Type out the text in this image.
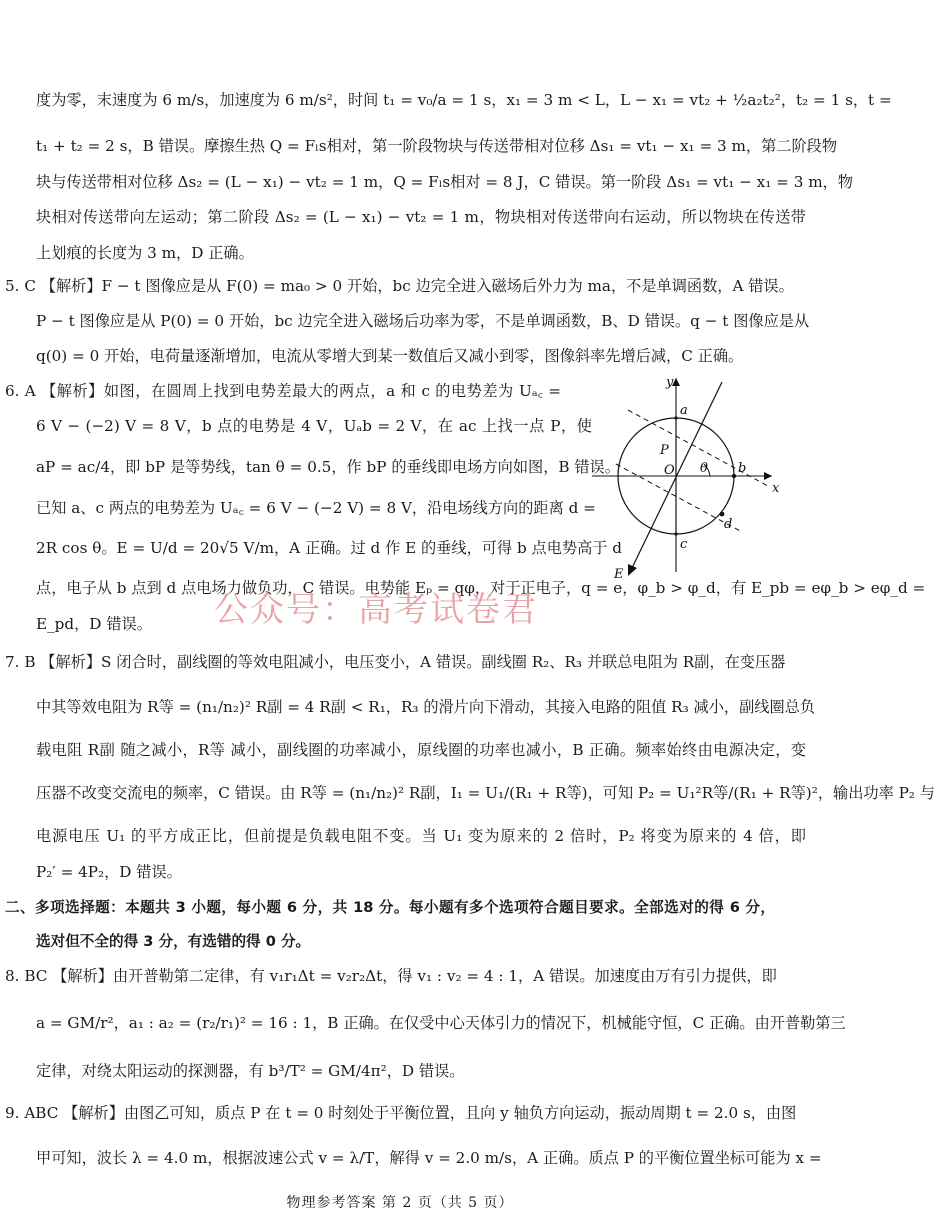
度为零，末速度为 6 m/s，加速度为 6 m/s²，时间 t₁ = v₀/a = 1 s，x₁ = 3 m < L，L − x₁ = vt₂ + ½a₂t₂²，t₂ = 1 s，t =
t₁ + t₂ = 2 s，B 错误。摩擦生热 Q = Fₗs相对，第一阶段物块与传送带相对位移 Δs₁ = vt₁ − x₁ = 3 m，第二阶段物
块与传送带相对位移 Δs₂ = (L − x₁) − vt₂ = 1 m，Q = Fₗs相对 = 8 J，C 错误。第一阶段 Δs₁ = vt₁ − x₁ = 3 m，物
块相对传送带向左运动；第二阶段 Δs₂ = (L − x₁) − vt₂ = 1 m，物块相对传送带向右运动，所以物块在传送带
上划痕的长度为 3 m，D 正确。
5. C 【解析】F − t 图像应是从 F(0) = ma₀ > 0 开始，bc 边完全进入磁场后外力为 ma，不是单调函数，A 错误。
P − t 图像应是从 P(0) = 0 开始，bc 边完全进入磁场后功率为零，不是单调函数，B、D 错误。q − t 图像应是从
q(0) = 0 开始，电荷量逐渐增加，电流从零增大到某一数值后又减小到零，图像斜率先增后减，C 正确。
6. A 【解析】如图，在圆周上找到电势差最大的两点，a 和 c 的电势差为 Uₐ꜀ =
6 V − (−2) V = 8 V，b 点的电势是 4 V，Uₐb = 2 V，在 ac 上找一点 P，使
aP = ac/4，即 bP 是等势线，tan θ = 0.5，作 bP 的垂线即电场方向如图，B 错误。
已知 a、c 两点的电势差为 Uₐ꜀ = 6 V − (−2 V) = 8 V，沿电场线方向的距离 d =
2R cos θ。E = U/d = 20√5 V/m，A 正确。过 d 作 E 的垂线，可得 b 点电势高于 d
点，电子从 b 点到 d 点电场力做负功，C 错误。电势能 Eₚ = qφ，对于正电子，q = e，φ_b > φ_d，有 E_pb = eφ_b > eφ_d =
E_pd，D 错误。
7. B 【解析】S 闭合时，副线圈的等效电阻减小，电压变小，A 错误。副线圈 R₂、R₃ 并联总电阻为 R副，在变压器
中其等效电阻为 R等 = (n₁/n₂)² R副 = 4 R副 < R₁，R₃ 的滑片向下滑动，其接入电路的阻值 R₃ 减小，副线圈总负
载电阻 R副 随之减小，R等 减小，副线圈的功率减小，原线圈的功率也减小，B 正确。频率始终由电源决定，变
压器不改变交流电的频率，C 错误。由 R等 = (n₁/n₂)² R副，I₁ = U₁/(R₁ + R等)，可知 P₂ = U₁²R等/(R₁ + R等)²，输出功率 P₂ 与
电源电压 U₁ 的平方成正比，但前提是负载电阻不变。当 U₁ 变为原来的 2 倍时，P₂ 将变为原来的 4 倍，即
P₂′ = 4P₂，D 错误。
二、多项选择题：本题共 3 小题，每小题 6 分，共 18 分。每小题有多个选项符合题目要求。全部选对的得 6 分，
选对但不全的得 3 分，有选错的得 0 分。
8. BC 【解析】由开普勒第二定律，有 v₁r₁Δt = v₂r₂Δt，得 v₁ : v₂ = 4 : 1，A 错误。加速度由万有引力提供，即
a = GM/r²，a₁ : a₂ = (r₂/r₁)² = 16 : 1，B 正确。在仅受中心天体引力的情况下，机械能守恒，C 正确。由开普勒第三
定律，对绕太阳运动的探测器，有 b³/T² = GM/4π²，D 错误。
9. ABC 【解析】由图乙可知，质点 P 在 t = 0 时刻处于平衡位置，且向 y 轴负方向运动，振动周期 t = 2.0 s，由图
甲可知，波长 λ = 4.0 m，根据波速公式 v = λ/T，解得 v = 2.0 m/s，A 正确。质点 P 的平衡位置坐标可能为 x =
y
x
a
b
c
d
P
O θ
E
公众号：高考试卷君
物理参考答案 第 2 页（共 5 页）
